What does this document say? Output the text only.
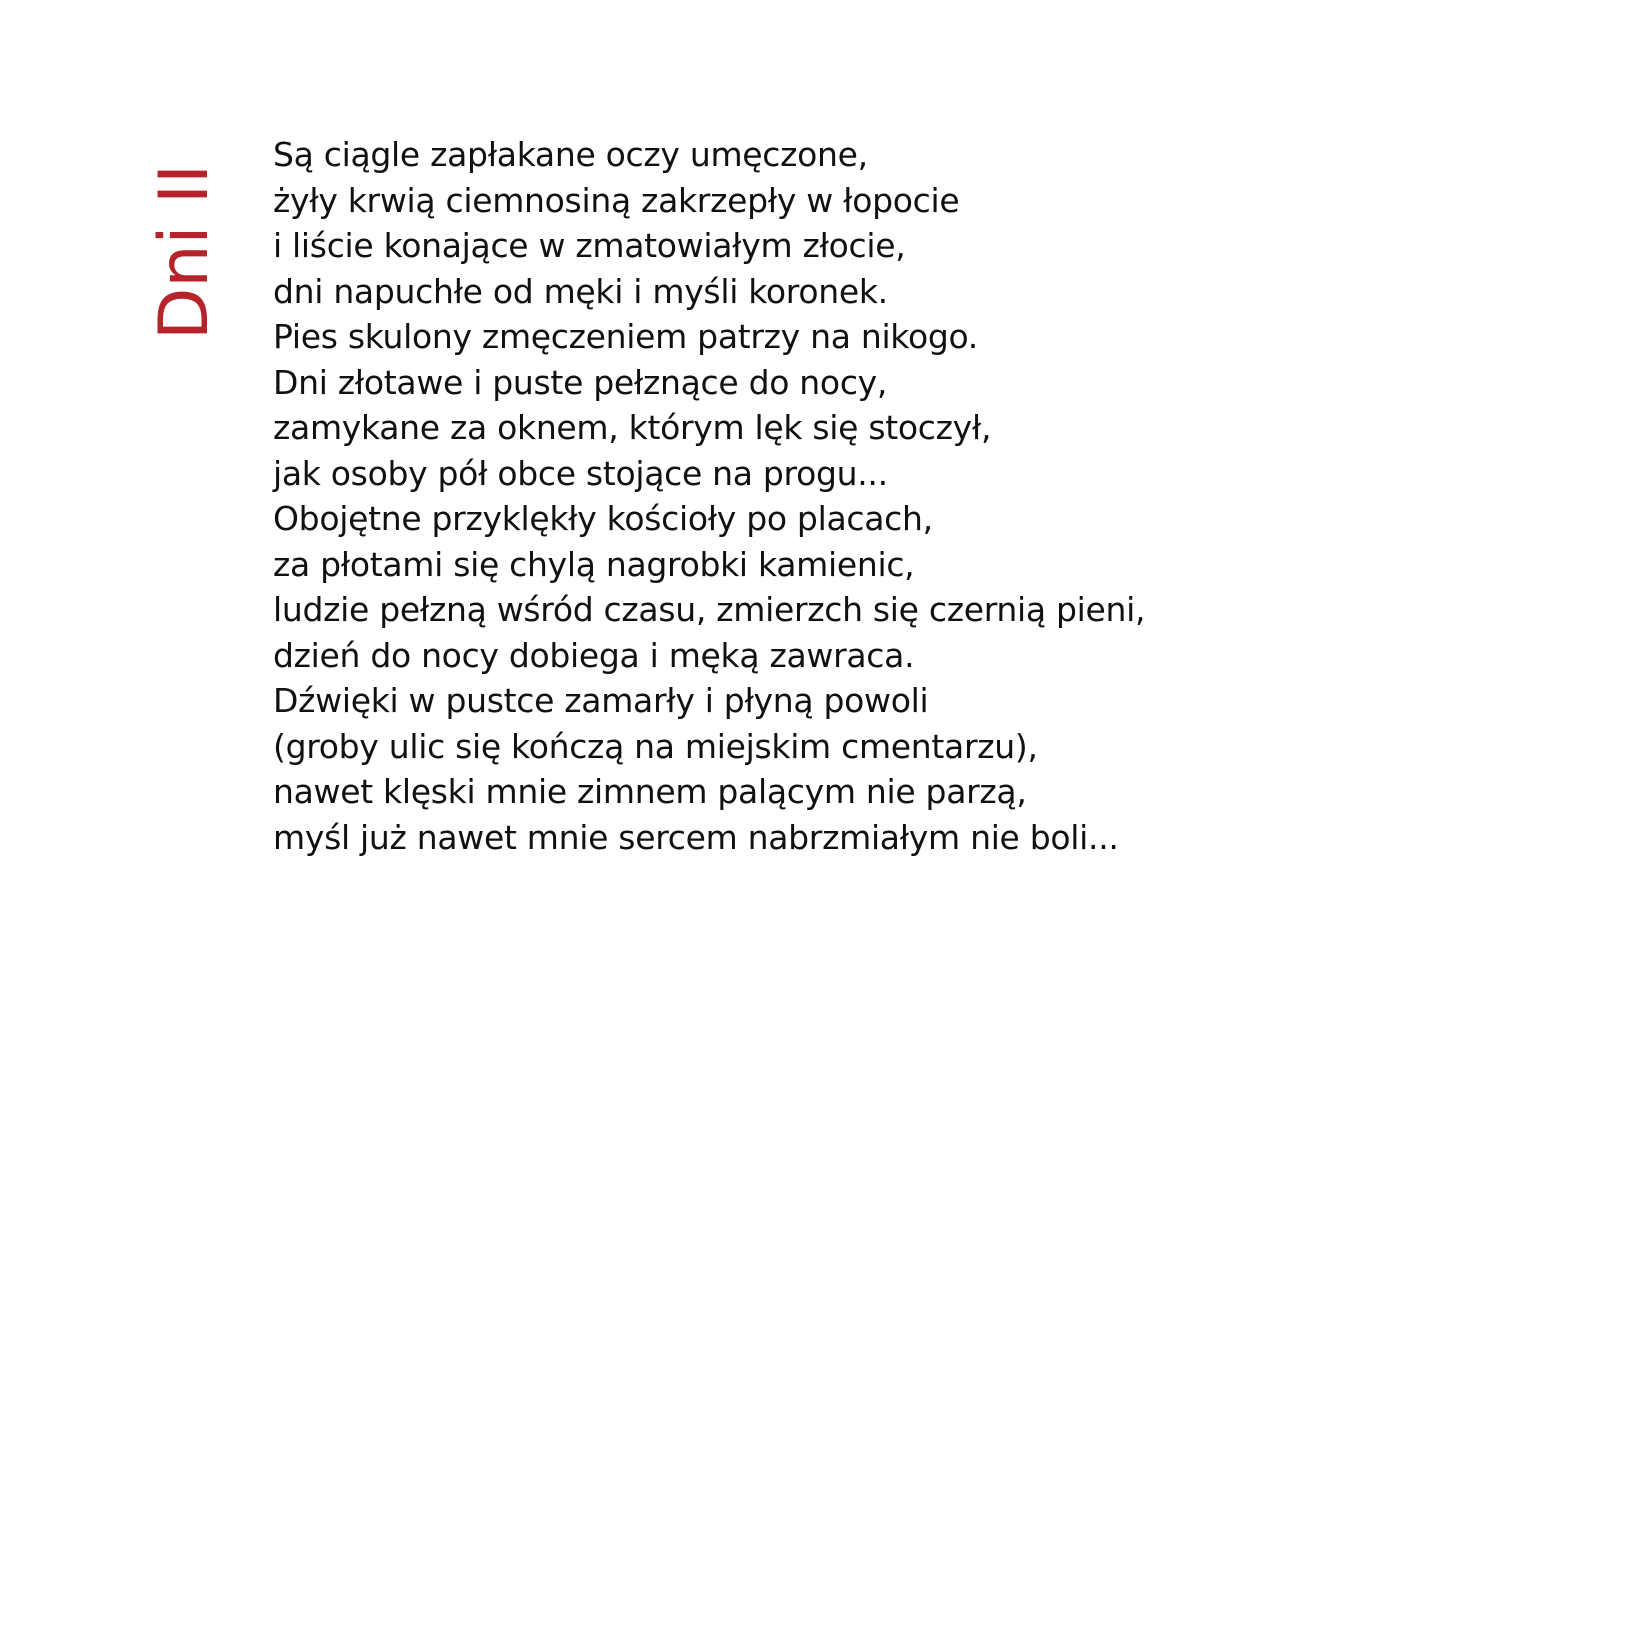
Dni II
Są ciągle zapłakane oczy umęczone,
żyły krwią ciemnosiną zakrzepły w łopocie
i liście konające w zmatowiałym złocie,
dni napuchłe od męki i myśli koronek.
Pies skulony zmęczeniem patrzy na nikogo.
Dni złotawe i puste pełznące do nocy,
zamykane za oknem, którym lęk się stoczył,
jak osoby pół obce stojące na progu...
Obojętne przyklękły kościoły po placach,
za płotami się chylą nagrobki kamienic,
ludzie pełzną wśród czasu, zmierzch się czernią pieni,
dzień do nocy dobiega i męką zawraca.
Dźwięki w pustce zamarły i płyną powoli
(groby ulic się kończą na miejskim cmentarzu),
nawet klęski mnie zimnem palącym nie parzą,
myśl już nawet mnie sercem nabrzmiałym nie boli...
